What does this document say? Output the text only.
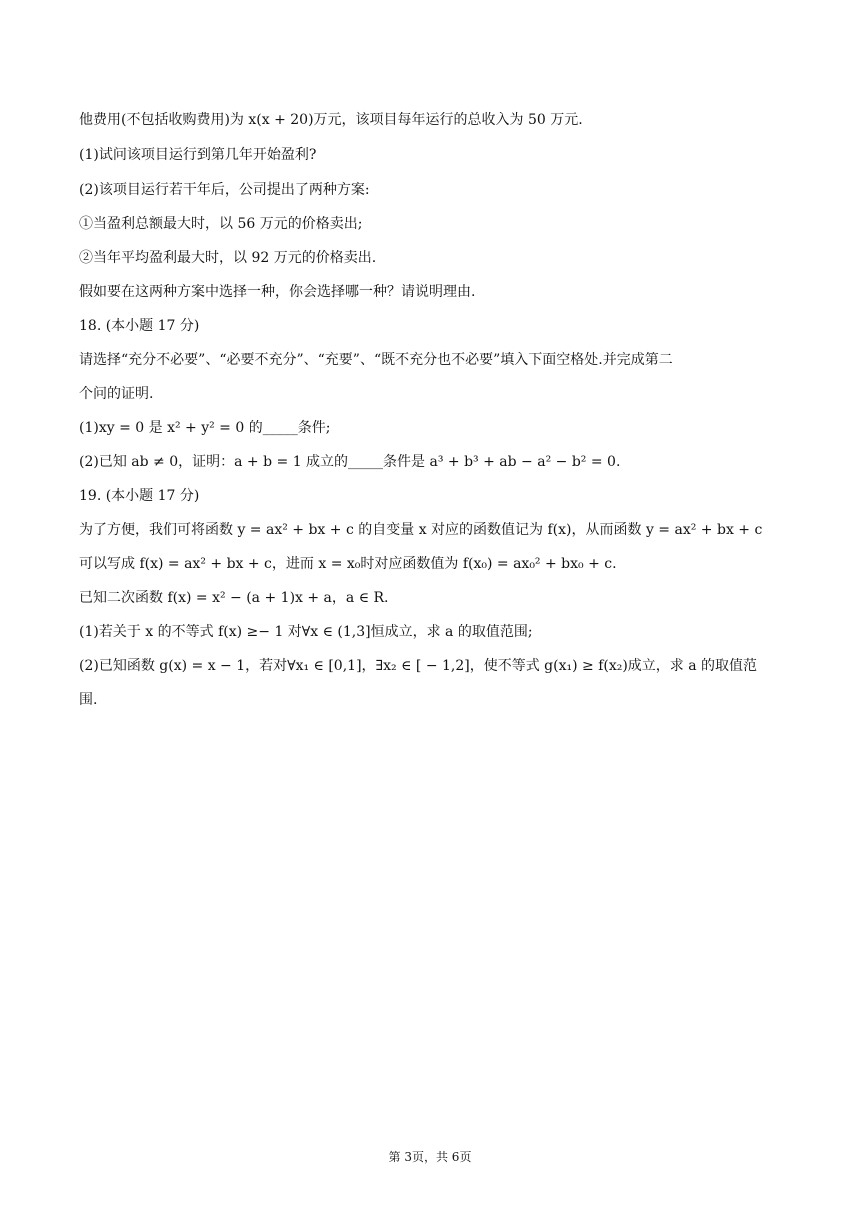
他费用(不包括收购费用)为 x(x + 20)万元，该项目每年运行的总收入为 50 万元.
(1)试问该项目运行到第几年开始盈利?
(2)该项目运行若干年后，公司提出了两种方案:
①当盈利总额最大时，以 56 万元的价格卖出;
②当年平均盈利最大时，以 92 万元的价格卖出.
假如要在这两种方案中选择一种，你会选择哪一种？请说明理由.
18. (本小题 17 分)
请选择“充分不必要”、“必要不充分”、“充要”、“既不充分也不必要”填入下面空格处.并完成第二
个问的证明.
(1)xy = 0 是 x² + y² = 0 的_____条件;
(2)已知 ab ≠ 0，证明：a + b = 1 成立的_____条件是 a³ + b³ + ab − a² − b² = 0.
19. (本小题 17 分)
为了方便，我们可将函数 y = ax² + bx + c 的自变量 x 对应的函数值记为 f(x)，从而函数 y = ax² + bx + c
可以写成 f(x) = ax² + bx + c，进而 x = x₀时对应函数值为 f(x₀) = ax₀² + bx₀ + c.
已知二次函数 f(x) = x² − (a + 1)x + a，a ∈ R.
(1)若关于 x 的不等式 f(x) ≥− 1 对∀x ∈ (1,3]恒成立，求 a 的取值范围;
(2)已知函数 g(x) = x − 1，若对∀x₁ ∈ [0,1]，∃x₂ ∈ [ − 1,2]，使不等式 g(x₁) ≥ f(x₂)成立，求 a 的取值范
围.
第 3页，共 6页
